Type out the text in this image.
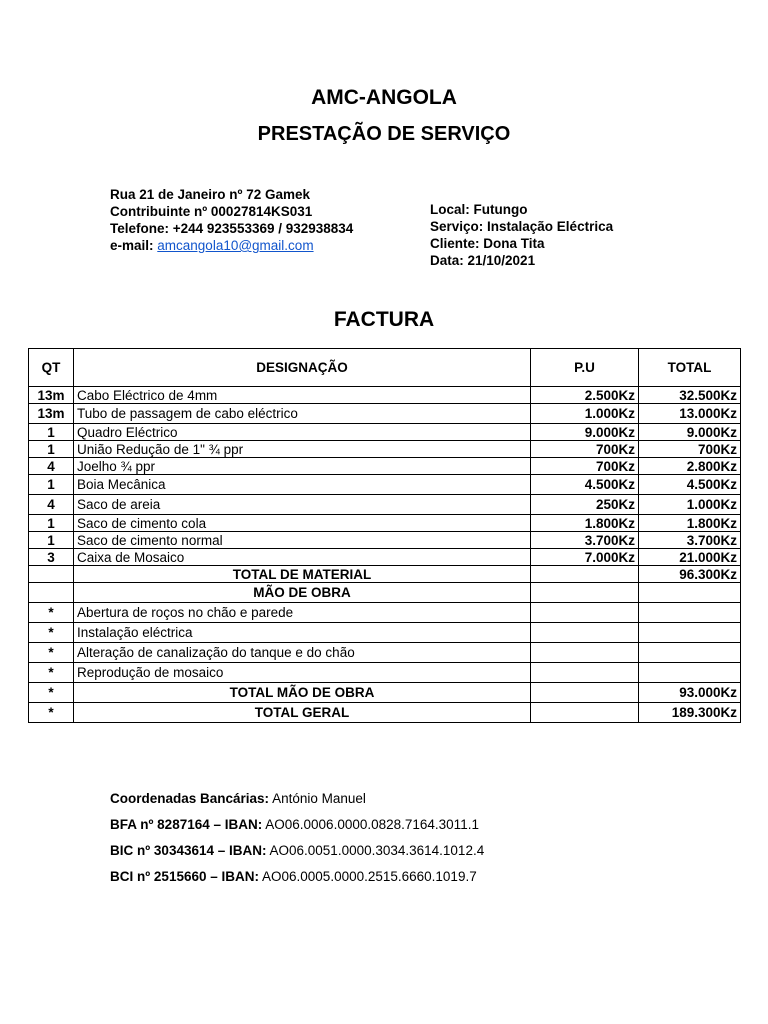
AMC-ANGOLA
PRESTAÇÃO DE SERVIÇO
Rua 21 de Janeiro nº 72 Gamek
Contribuinte nº 00027814KS031
Telefone: +244 923553369 / 932938834
e-mail: amcangola10@gmail.com
Local: Futungo
Serviço: Instalação Eléctrica
Cliente: Dona Tita
Data: 21/10/2021
FACTURA
QT	DESIGNAÇÃO	P.U	TOTAL
13m	Cabo Eléctrico de 4mm	2.500Kz	32.500Kz
13m	Tubo de passagem de cabo eléctrico	1.000Kz	13.000Kz
1	Quadro Eléctrico	9.000Kz	9.000Kz
1	União Redução de 1" ¾ ppr	700Kz	700Kz
4	Joelho ¾ ppr	700Kz	2.800Kz
1	Boia Mecânica	4.500Kz	4.500Kz
4	Saco de areia	250Kz	1.000Kz
1	Saco de cimento cola	1.800Kz	1.800Kz
1	Saco de cimento normal	3.700Kz	3.700Kz
3	Caixa de Mosaico	7.000Kz	21.000Kz
	TOTAL DE MATERIAL		96.300Kz
	MÃO DE OBRA		
*	Abertura de roços no chão e parede		
*	Instalação eléctrica		
*	Alteração de canalização do tanque e do chão		
*	Reprodução de mosaico		
*	TOTAL MÃO DE OBRA		93.000Kz
*	TOTAL GERAL		189.300Kz
Coordenadas Bancárias: António Manuel
BFA nº 8287164 – IBAN: AO06.0006.0000.0828.7164.3011.1
BIC nº 30343614 – IBAN: AO06.0051.0000.3034.3614.1012.4
BCI nº 2515660 – IBAN: AO06.0005.0000.2515.6660.1019.7
